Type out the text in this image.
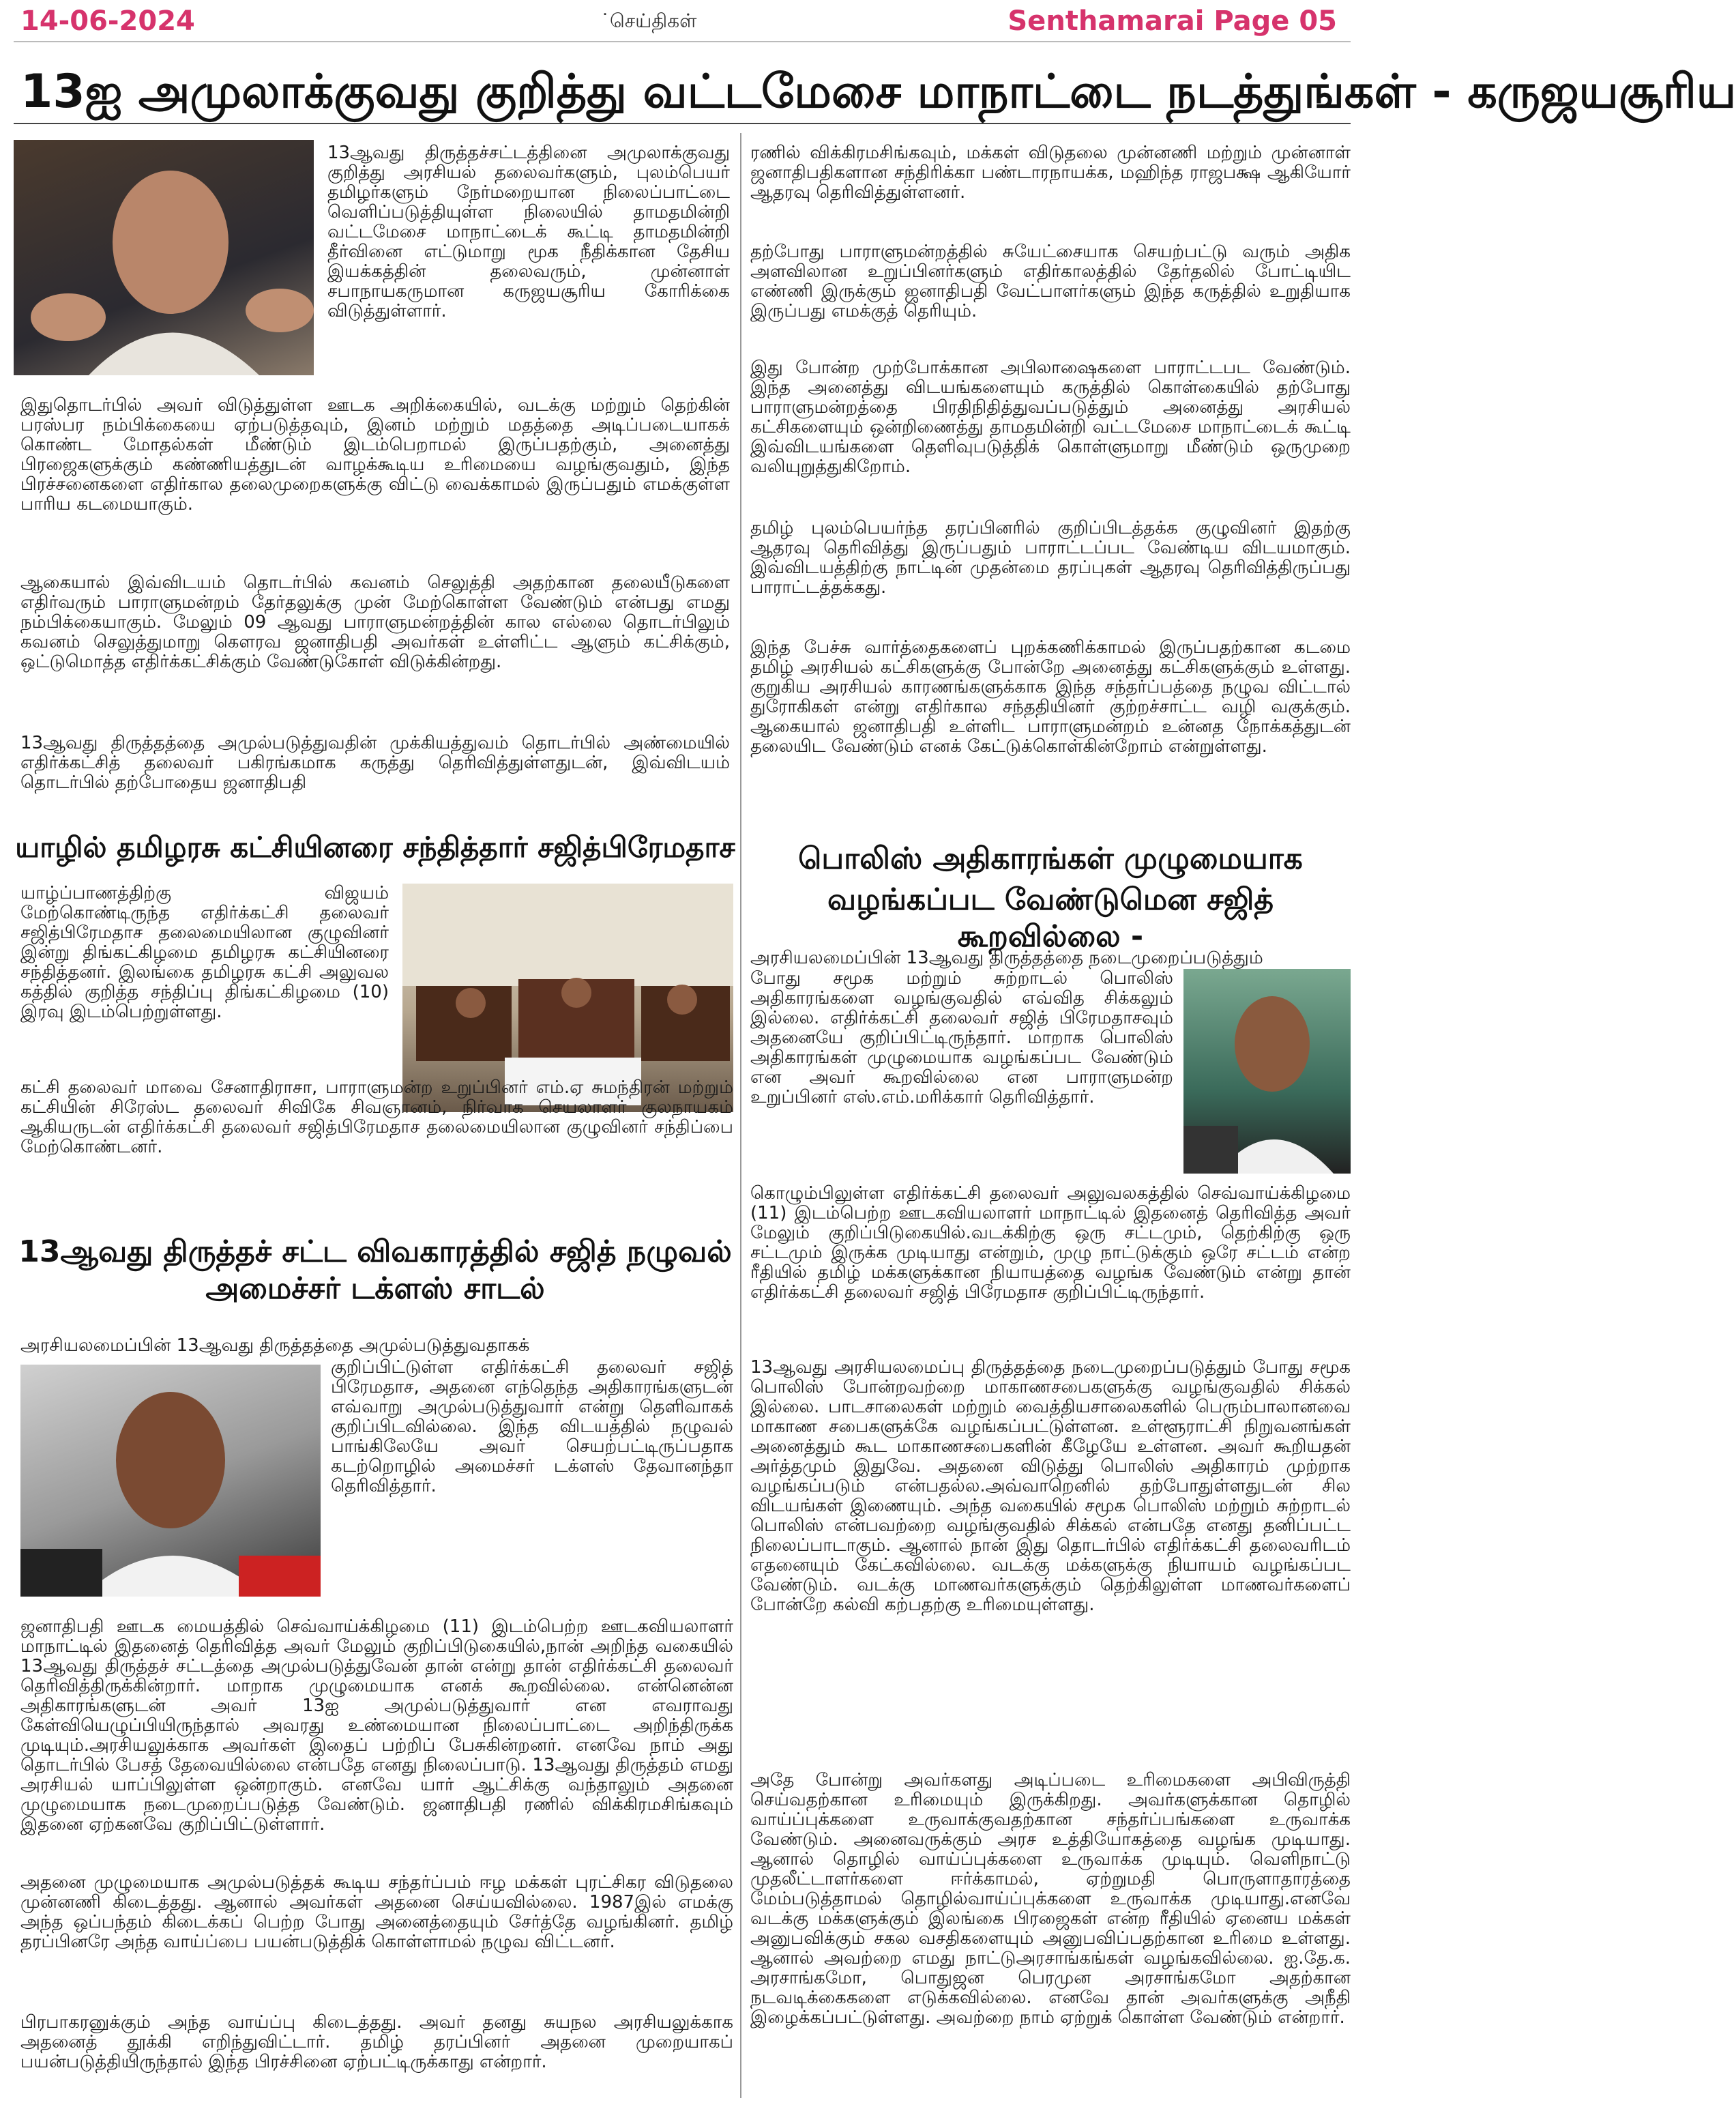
14-06-2024	˙செய்திகள்	Senthamarai Page 05
13ஐ அமுலாக்குவது குறித்து வட்டமேசை மாநாட்டை நடத்துங்கள் - கருஜயசூரிய
13ஆவது திருத்தச்சட்டத்தினை அமுலாக்குவது குறித்து அரசியல் தலைவர்களும், புலம்பெயர் தமிழர்களும் நேர்மறையான நிலைப்பாட்டை வெளிப்படுத்தியுள்ள நிலையில் தாமதமின்றி வட்டமேசை மாநாட்டைக் கூட்டி தாமதமின்றி தீர்வினை எட்டுமாறு மூக நீதிக்கான தேசிய இயக்கத்தின் தலைவரும், முன்னாள் சபாநாயகருமான கருஜயசூரிய கோரிக்கை விடுத்துள்ளார்.
இதுதொடர்பில் அவர் விடுத்துள்ள ஊடக அறிக்கையில், வடக்கு மற்றும் தெற்கின் பரஸ்பர நம்பிக்கையை ஏற்படுத்தவும், இனம் மற்றும் மதத்தை அடிப்படையாகக் கொண்ட மோதல்கள் மீண்டும் இடம்பெறாமல் இருப்பதற்கும், அனைத்து பிரஜைகளுக்கும் கண்ணியத்துடன் வாழக்கூடிய உரிமையை வழங்குவதும், இந்த பிரச்சனைகளை எதிர்கால தலைமுறைகளுக்கு விட்டு வைக்காமல் இருப்பதும் எமக்குள்ள பாரிய கடமையாகும்.
ஆகையால் இவ்விடயம் தொடர்பில் கவனம் செலுத்தி அதற்கான தலையீடுகளை எதிர்வரும் பாராளுமன்றம் தேர்தலுக்கு முன் மேற்கொள்ள வேண்டும் என்பது எமது நம்பிக்கையாகும். மேலும் 09 ஆவது பாராளுமன்றத்தின் கால எல்லை தொடர்பிலும் கவனம் செலுத்துமாறு கௌரவ ஜனாதிபதி அவர்கள் உள்ளிட்ட ஆளும் கட்சிக்கும், ஒட்டுமொத்த எதிர்க்கட்சிக்கும் வேண்டுகோள் விடுக்கின்றது.
13ஆவது திருத்தத்தை அமுல்படுத்துவதின் முக்கியத்துவம் தொடர்பில் அண்மையில் எதிர்க்கட்சித் தலைவர் பகிரங்கமாக கருத்து தெரிவித்துள்ளதுடன், இவ்விடயம் தொடர்பில் தற்போதைய ஜனாதிபதி
ரணில் விக்கிரமசிங்கவும், மக்கள் விடுதலை முன்னணி மற்றும் முன்னாள் ஜனாதிபதிகளான சந்திரிக்கா பண்டாரநாயக்க, மஹிந்த ராஜபக்ஷ ஆகியோர் ஆதரவு தெரிவித்துள்ளனர்.
தற்போது பாராளுமன்றத்தில் சுயேட்சையாக செயற்பட்டு வரும் அதிக அளவிலான உறுப்பினர்களும் எதிர்காலத்தில் தேர்தலில் போட்டியிட எண்ணி இருக்கும் ஜனாதிபதி வேட்பாளர்களும் இந்த கருத்தில் உறுதியாக இருப்பது எமக்குத் தெரியும்.
இது போன்ற முற்போக்கான அபிலாஷைகளை பாராட்டபட வேண்டும். இந்த அனைத்து விடயங்களையும் கருத்தில் கொள்கையில் தற்போது பாராளுமன்றத்தை பிரதிநிதித்துவப்படுத்தும் அனைத்து அரசியல் கட்சிகளையும் ஒன்றிணைத்து தாமதமின்றி வட்டமேசை மாநாட்டைக் கூட்டி இவ்விடயங்களை தெளிவுபடுத்திக் கொள்ளுமாறு மீண்டும் ஒருமுறை வலியுறுத்துகிறோம்.
தமிழ் புலம்பெயர்ந்த தரப்பினரில் குறிப்பிடத்தக்க குழுவினர் இதற்கு ஆதரவு தெரிவித்து இருப்பதும் பாராட்டப்பட வேண்டிய விடயமாகும். இவ்விடயத்திற்கு நாட்டின் முதன்மை தரப்புகள் ஆதரவு தெரிவித்திருப்பது பாராட்டத்தக்கது.
இந்த பேச்சு வார்த்தைகளைப் புறக்கணிக்காமல் இருப்பதற்கான கடமை தமிழ் அரசியல் கட்சிகளுக்கு போன்றே அனைத்து கட்சிகளுக்கும் உள்ளது. குறுகிய அரசியல் காரணங்களுக்காக இந்த சந்தர்ப்பத்தை நழுவ விட்டால் துரோகிகள் என்று எதிர்கால சந்ததியினர் குற்றச்சாட்ட வழி வகுக்கும். ஆகையால் ஜனாதிபதி உள்ளிட பாராளுமன்றம் உன்னத நோக்கத்துடன் தலையிட வேண்டும் எனக் கேட்டுக்கொள்கின்றோம் என்றுள்ளது.
யாழில் தமிழரசு கட்சியினரை சந்தித்தார் சஜித்பிரேமதாச
யாழ்ப்பாணத்திற்கு விஜயம் மேற்கொண்டிருந்த எதிர்க்கட்சி தலைவர் சஜித்பிரேமதாச தலைமையிலான குழுவினர் இன்று திங்கட்கிழமை தமிழரசு கட்சியினரை சந்தித்தனர். இலங்கை தமிழரசு கட்சி அலுவல கத்தில் குறித்த சந்திப்பு திங்கட்கிழமை (10) இரவு இடம்பெற்றுள்ளது.
கட்சி தலைவர் மாவை சேனாதிராசா, பாராளுமன்ற உறுப்பினர் எம்.ஏ சுமந்திரன் மற்றும் கட்சியின் சிரேஸ்ட தலைவர் சிவிகே சிவஞானம், நிர்வாக செயலாளர் குலநாயகம் ஆகியருடன் எதிர்க்கட்சி தலைவர் சஜித்பிரேமதாச தலைமையிலான குழுவினர் சந்திப்பை மேற்கொண்டனர்.
13ஆவது திருத்தச் சட்ட விவகாரத்தில் சஜித் நழுவல்
அமைச்சர் டக்ளஸ் சாடல்
அரசியலமைப்பின் 13ஆவது திருத்தத்தை அமுல்படுத்துவதாகக்
குறிப்பிட்டுள்ள எதிர்க்கட்சி தலைவர் சஜித் பிரேமதாச, அதனை எந்தெந்த அதிகாரங்களுடன் எவ்வாறு அமுல்படுத்துவார் என்று தெளிவாகக் குறிப்பிடவில்லை. இந்த விடயத்தில் நழுவல் பாங்கிலேயே அவர் செயற்பட்டிருப்பதாக கடற்றொழில் அமைச்சர் டக்ளஸ் தேவானந்தா தெரிவித்தார்.
ஜனாதிபதி ஊடக மையத்தில் செவ்வாய்க்கிழமை (11) இடம்பெற்ற ஊடகவியலாளர் மாநாட்டில் இதனைத் தெரிவித்த அவர் மேலும் குறிப்பிடுகையில்,நான் அறிந்த வகையில் 13ஆவது திருத்தச் சட்டத்தை அமுல்படுத்துவேன் தான் என்று தான் எதிர்க்கட்சி தலைவர் தெரிவித்திருக்கின்றார். மாறாக முழுமையாக எனக் கூறவில்லை. என்னென்ன அதிகாரங்களுடன் அவர் 13ஐ அமுல்படுத்துவார் என எவராவது கேள்வியெழுப்பியிருந்தால் அவரது உண்மையான நிலைப்பாட்டை அறிந்திருக்க முடியும்.அரசியலுக்காக அவர்கள் இதைப் பற்றிப் பேசுகின்றனர். எனவே நாம் அது தொடர்பில் பேசத் தேவையில்லை என்பதே எனது நிலைப்பாடு. 13ஆவது திருத்தம் எமது அரசியல் யாப்பிலுள்ள ஒன்றாகும். எனவே யார் ஆட்சிக்கு வந்தாலும் அதனை முழுமையாக நடைமுறைப்படுத்த வேண்டும். ஜனாதிபதி ரணில் விக்கிரமசிங்கவும் இதனை ஏற்கனவே குறிப்பிட்டுள்ளார்.
அதனை முழுமையாக அமுல்படுத்தக் கூடிய சந்தர்ப்பம் ஈழ மக்கள் புரட்சிகர விடுதலை முன்னணி கிடைத்தது. ஆனால் அவர்கள் அதனை செய்யவில்லை. 1987இல் எமக்கு அந்த ஒப்பந்தம் கிடைக்கப் பெற்ற போது அனைத்தையும் சேர்த்தே வழங்கினர். தமிழ் தரப்பினரே அந்த வாய்ப்பை பயன்படுத்திக் கொள்ளாமல் நழுவ விட்டனர்.
பிரபாகரனுக்கும் அந்த வாய்ப்பு கிடைத்தது. அவர் தனது சுயநல அரசியலுக்காக அதனைத் தூக்கி எறிந்துவிட்டார். தமிழ் தரப்பினர் அதனை முறையாகப் பயன்படுத்தியிருந்தால் இந்த பிரச்சினை ஏற்பட்டிருக்காது என்றார்.
பொலிஸ் அதிகாரங்கள் முழுமையாக
வழங்கப்பட வேண்டுமென சஜித் கூறவில்லை -
அரசியலமைப்பின் 13ஆவது திருத்தத்தை நடைமுறைப்படுத்தும்
போது சமூக மற்றும் சுற்றாடல் பொலிஸ் அதிகாரங்களை வழங்குவதில் எவ்வித சிக்கலும் இல்லை. எதிர்க்கட்சி தலைவர் சஜித் பிரேமதாசவும் அதனையே குறிப்பிட்டிருந்தார். மாறாக பொலிஸ் அதிகாரங்கள் முழுமையாக வழங்கப்பட வேண்டும் என அவர் கூறவில்லை என பாராளுமன்ற உறுப்பினர் எஸ்.எம்.மரிக்கார் தெரிவித்தார்.
கொழும்பிலுள்ள எதிர்க்கட்சி தலைவர் அலுவலகத்தில் செவ்வாய்க்கிழமை (11) இடம்பெற்ற ஊடகவியலாளர் மாநாட்டில் இதனைத் தெரிவித்த அவர் மேலும் குறிப்பிடுகையில்.வடக்கிற்கு ஒரு சட்டமும், தெற்கிற்கு ஒரு சட்டமும் இருக்க முடியாது என்றும், முழு நாட்டுக்கும் ஒரே சட்டம் என்ற ரீதியில் தமிழ் மக்களுக்கான நியாயத்தை வழங்க வேண்டும் என்று தான் எதிர்க்கட்சி தலைவர் சஜித் பிரேமதாச குறிப்பிட்டிருந்தார்.
13ஆவது அரசியலமைப்பு திருத்தத்தை நடைமுறைப்படுத்தும் போது சமூக பொலிஸ் போன்றவற்றை மாகாணசபைகளுக்கு வழங்குவதில் சிக்கல் இல்லை. பாடசாலைகள் மற்றும் வைத்தியசாலைகளில் பெரும்பாலானவை மாகாண சபைகளுக்கே வழங்கப்பட்டுள்ளன. உள்ளூராட்சி நிறுவனங்கள் அனைத்தும் கூட மாகாணசபைகளின் கீழேயே உள்ளன. அவர் கூறியதன் அர்த்தமும் இதுவே. அதனை விடுத்து பொலிஸ் அதிகாரம் முற்றாக வழங்கப்படும் என்பதல்ல.அவ்வாறெனில் தற்போதுள்ளதுடன் சில விடயங்கள் இணையும். அந்த வகையில் சமூக பொலிஸ் மற்றும் சுற்றாடல் பொலிஸ் என்பவற்றை வழங்குவதில் சிக்கல் என்பதே எனது தனிப்பட்ட நிலைப்பாடாகும். ஆனால் நான் இது தொடர்பில் எதிர்க்கட்சி தலைவரிடம் எதனையும் கேட்கவில்லை. வடக்கு மக்களுக்கு நியாயம் வழங்கப்பட வேண்டும். வடக்கு மாணவர்களுக்கும் தெற்கிலுள்ள மாணவர்களைப் போன்றே கல்வி கற்பதற்கு உரிமையுள்ளது.
அதே போன்று அவர்களது அடிப்படை உரிமைகளை அபிவிருத்தி செய்வதற்கான உரிமையும் இருக்கிறது. அவர்களுக்கான தொழில் வாய்ப்புக்களை உருவாக்குவதற்கான சந்தர்ப்பங்களை உருவாக்க வேண்டும். அனைவருக்கும் அரச உத்தியோகத்தை வழங்க முடியாது. ஆனால் தொழில் வாய்ப்புக்களை உருவாக்க முடியும். வெளிநாட்டு முதலீட்டாளர்களை ஈர்க்காமல், ஏற்றுமதி பொருளாதாரத்தை மேம்படுத்தாமல் தொழில்வாய்ப்புக்களை உருவாக்க முடியாது.எனவே வடக்கு மக்களுக்கும் இலங்கை பிரஜைகள் என்ற ரீதியில் ஏனைய மக்கள் அனுபவிக்கும் சகல வசதிகளையும் அனுபவிப்பதற்கான உரிமை உள்ளது. ஆனால் அவற்றை எமது நாட்டுஅரசாங்கங்கள் வழங்கவில்லை. ஐ.தே.க. அரசாங்கமோ, பொதுஜன பெரமுன அரசாங்கமோ அதற்கான நடவடிக்கைகளை எடுக்கவில்லை. எனவே தான் அவர்களுக்கு அநீதி இழைக்கப்பட்டுள்ளது. அவற்றை நாம் ஏற்றுக் கொள்ள வேண்டும் என்றார்.
